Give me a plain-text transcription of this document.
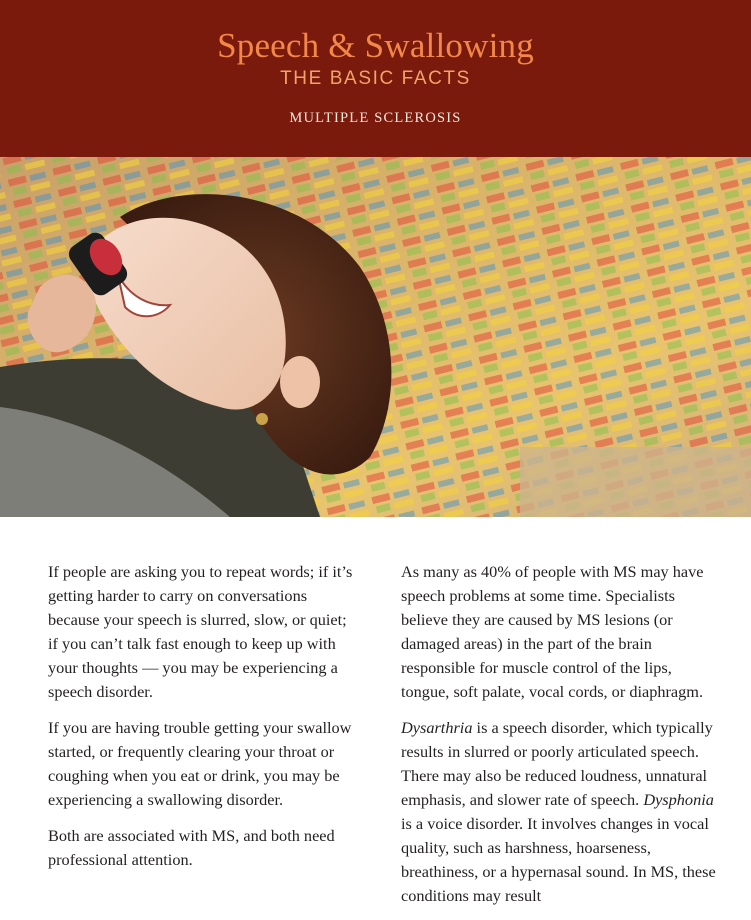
Speech & Swallowing
THE BASIC FACTS
MULTIPLE SCLEROSIS

If people are asking you to repeat words; if it’s getting harder to carry on conversations because your speech is slurred, slow, or quiet; if you can’t talk fast enough to keep up with your thoughts — you may be experiencing a speech disorder.

If you are having trouble getting your swallow started, or frequently clearing your throat or coughing when you eat or drink, you may be experiencing a swallowing disorder.

Both are associated with MS, and both need professional attention.

As many as 40% of people with MS may have speech problems at some time. Specialists believe they are caused by MS lesions (or damaged areas) in the part of the brain responsible for muscle control of the lips, tongue, soft palate, vocal cords, or diaphragm.

Dysarthria is a speech disorder, which typically results in slurred or poorly articulated speech. There may also be reduced loudness, unnatural emphasis, and slower rate of speech. Dysphonia is a voice disorder. It involves changes in vocal quality, such as harshness, hoarseness, breathiness, or a hypernasal sound. In MS, these conditions may result
